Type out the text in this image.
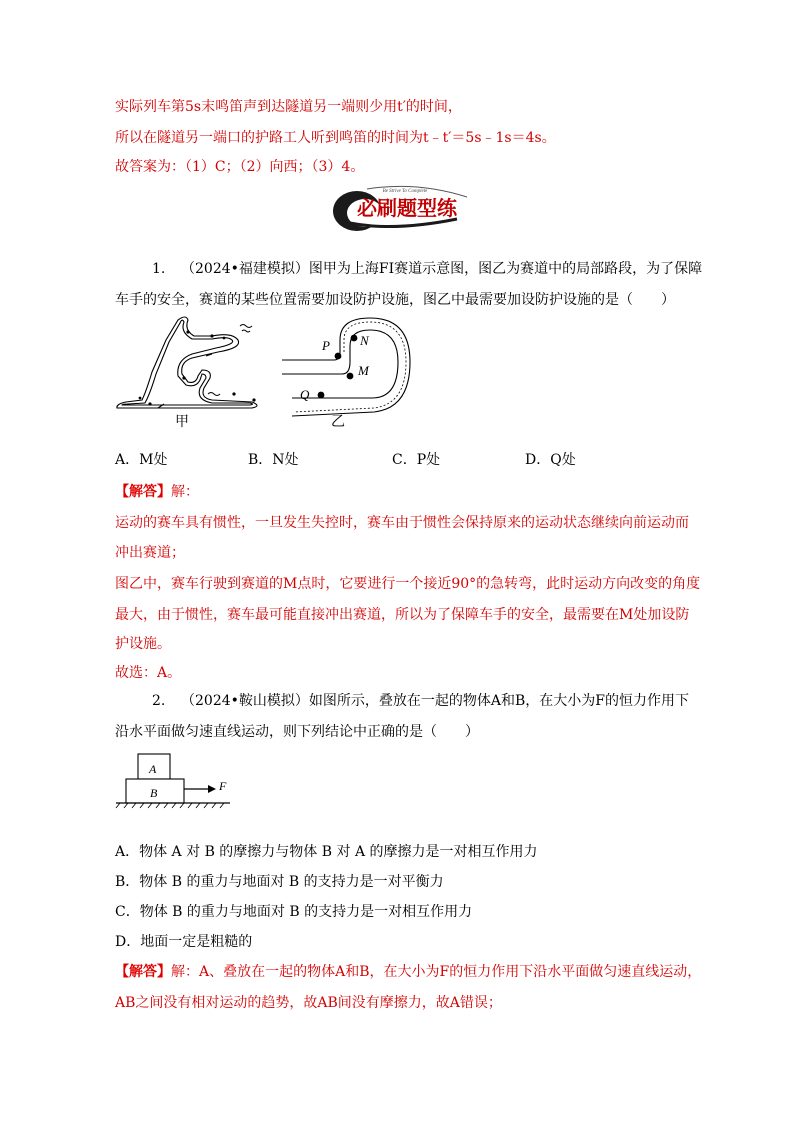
实际列车第5s末鸣笛声到达隧道另一端则少用t′的时间，
所以在隧道另一端口的护路工人听到鸣笛的时间为t﹣t′＝5s﹣1s＝4s。
故答案为：（1）C；（2）向西；（3）4。
Be Strive To Complete
必刷题型练
1. （2024•福建模拟）图甲为上海FI赛道示意图，图乙为赛道中的局部路段，为了保障
车手的安全，赛道的某些位置需要加设防护设施，图乙中最需要加设防护设施的是（　　）
甲
P N
M
Q
乙
A．M处	B．N处	C．P处	D．Q处
【解答】解：
运动的赛车具有惯性，一旦发生失控时，赛车由于惯性会保持原来的运动状态继续向前运动而
冲出赛道；
图乙中，赛车行驶到赛道的M点时，它要进行一个接近90°的急转弯，此时运动方向改变的角度
最大，由于惯性，赛车最可能直接冲出赛道，所以为了保障车手的安全，最需要在M处加设防
护设施。
故选：A。
2. （2024•鞍山模拟）如图所示，叠放在一起的物体A和B，在大小为F的恒力作用下
沿水平面做匀速直线运动，则下列结论中正确的是（　　）
A
B	F
A．物体 A 对 B 的摩擦力与物体 B 对 A 的摩擦力是一对相互作用力
B．物体 B 的重力与地面对 B 的支持力是一对平衡力
C．物体 B 的重力与地面对 B 的支持力是一对相互作用力
D．地面一定是粗糙的
【解答】解：A、叠放在一起的物体A和B，在大小为F的恒力作用下沿水平面做匀速直线运动，
AB之间没有相对运动的趋势，故AB间没有摩擦力，故A错误；
